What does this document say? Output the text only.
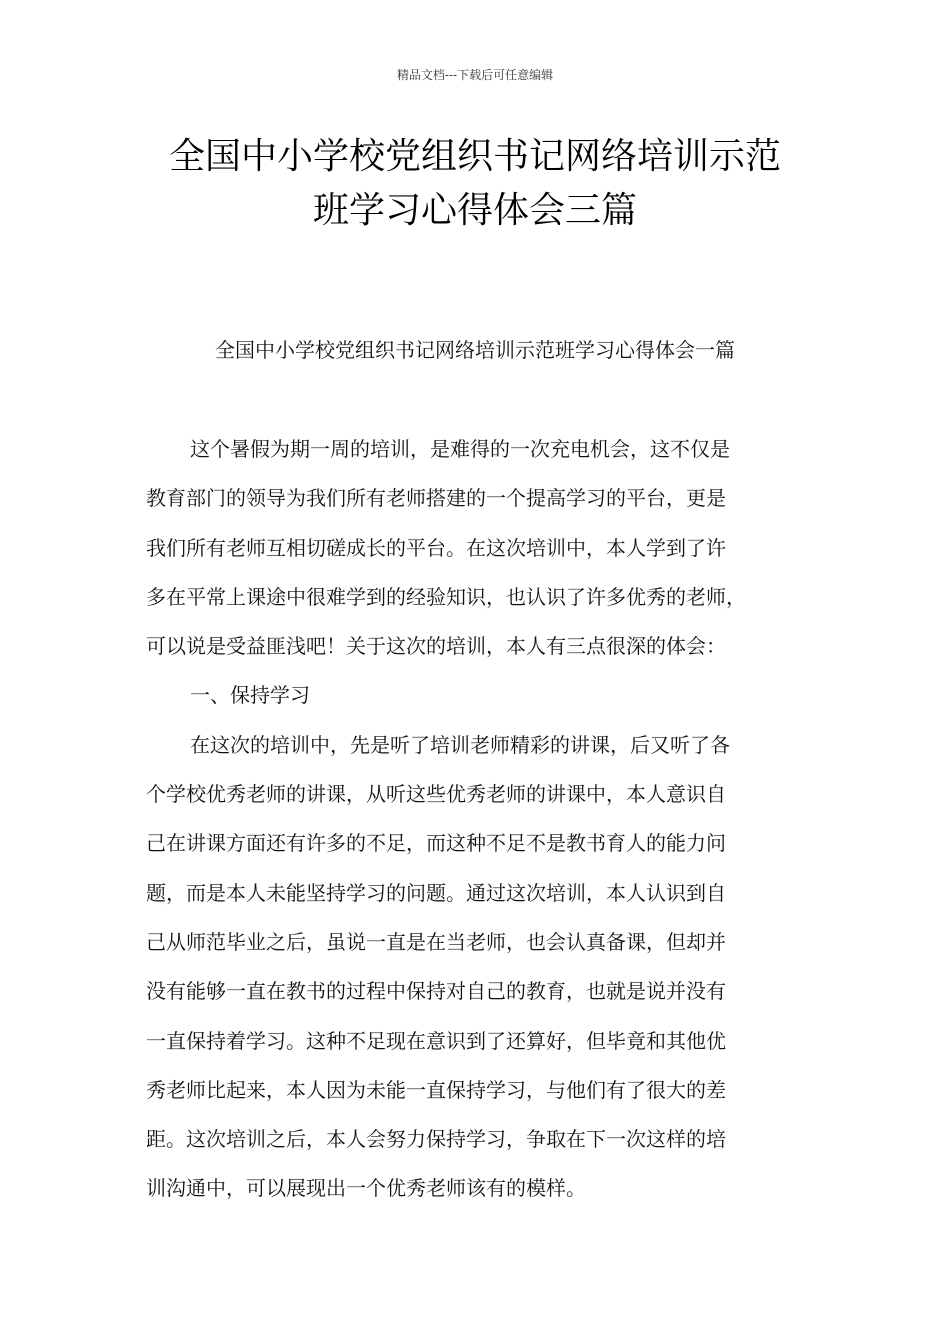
精品文档---下载后可任意编辑
全国中小学校党组织书记网络培训示范
班学习心得体会三篇
全国中小学校党组织书记网络培训示范班学习心得体会一篇
这个暑假为期一周的培训，是难得的一次充电机会，这不仅是
教育部门的领导为我们所有老师搭建的一个提高学习的平台，更是
我们所有老师互相切磋成长的平台。在这次培训中，本人学到了许
多在平常上课途中很难学到的经验知识，也认识了许多优秀的老师，
可以说是受益匪浅吧！关于这次的培训，本人有三点很深的体会：
一、保持学习
在这次的培训中，先是听了培训老师精彩的讲课，后又听了各
个学校优秀老师的讲课，从听这些优秀老师的讲课中，本人意识自
己在讲课方面还有许多的不足，而这种不足不是教书育人的能力问
题，而是本人未能坚持学习的问题。通过这次培训，本人认识到自
己从师范毕业之后，虽说一直是在当老师，也会认真备课，但却并
没有能够一直在教书的过程中保持对自己的教育，也就是说并没有
一直保持着学习。这种不足现在意识到了还算好，但毕竟和其他优
秀老师比起来，本人因为未能一直保持学习，与他们有了很大的差
距。这次培训之后，本人会努力保持学习，争取在下一次这样的培
训沟通中，可以展现出一个优秀老师该有的模样。
